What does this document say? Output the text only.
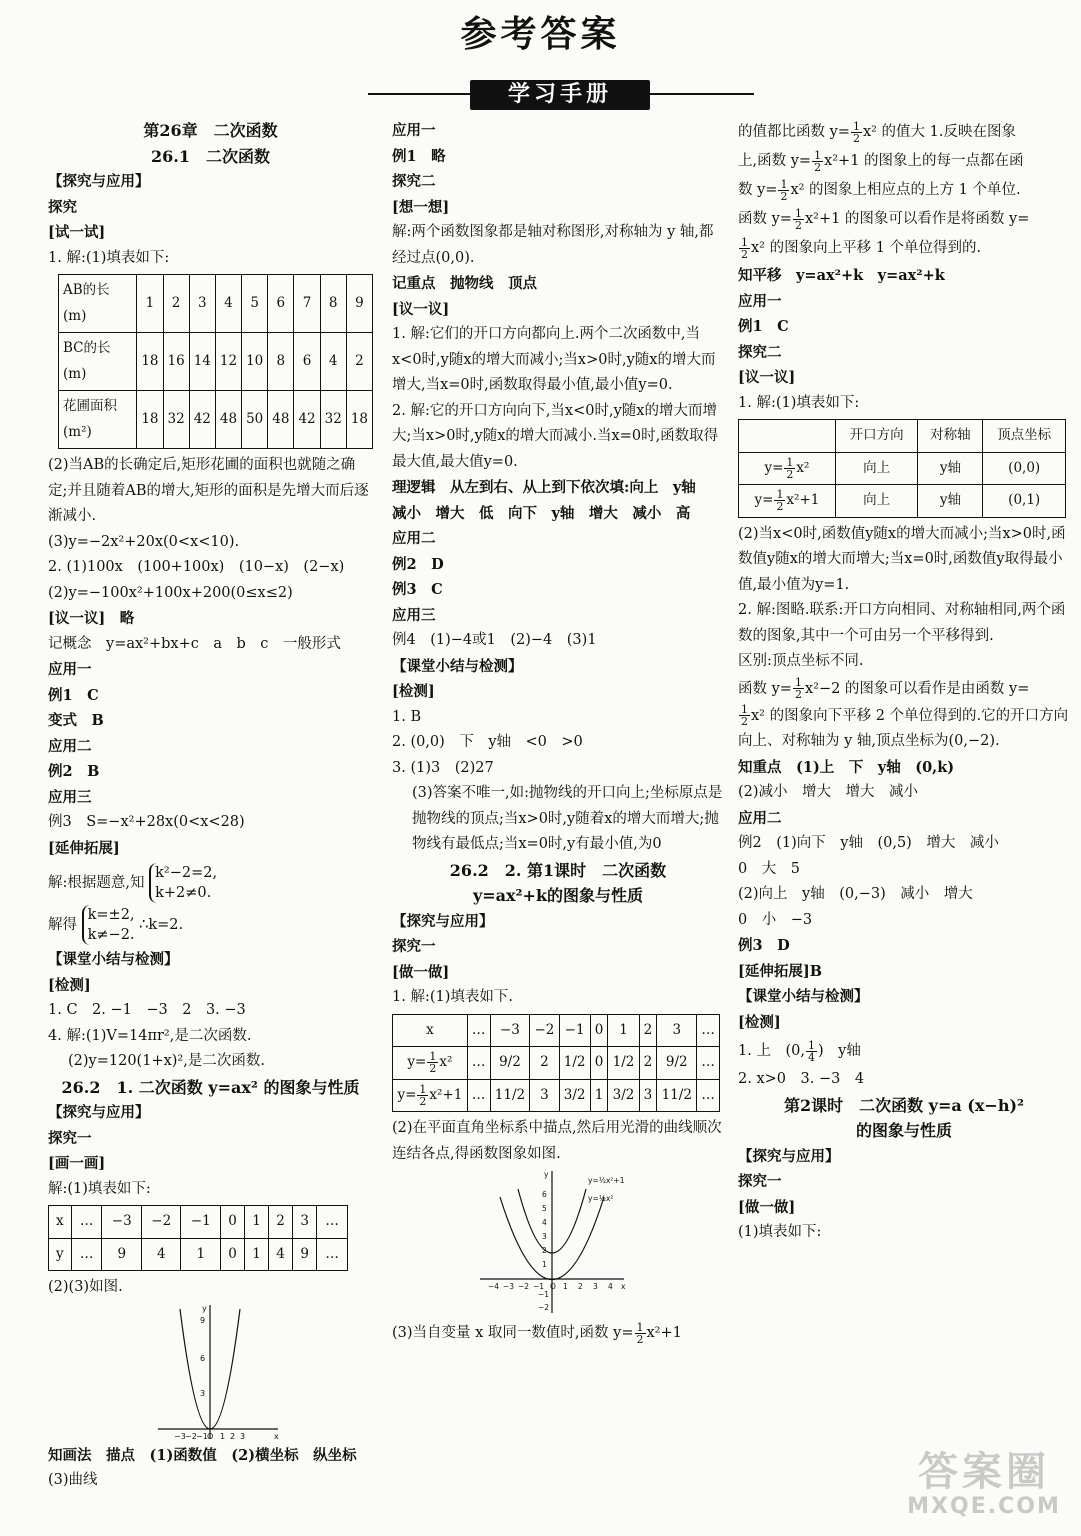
参考答案
学习手册
第26章　二次函数
26.1　二次函数
【探究与应用】
探究
[试一试]
1. 解:(1)填表如下:
AB的长(m)	1	2	3	4	5	6	7	8	9
BC的长(m)	18	16	14	12	10	8	6	4	2
花圃面积(m²)	18	32	42	48	50	48	42	32	18
(2)当AB的长确定后,矩形花圃的面积也就随之确定;并且随着AB的增大,矩形的面积是先增大而后逐渐减小.
(3)y=−2x²+20x(0<x<10).
2. (1)100x　(100+100x)　(10−x)　(2−x)
(2)y=−100x²+100x+200(0≤x≤2)
[议一议]　略
记概念　y=ax²+bx+c　a　b　c　一般形式
应用一
例1　C
变式　B
应用二
例2　B
应用三
例3　S=−x²+28x(0<x<28)
[延伸拓展]
解:根据题意,知 k²−2=2,
k+2≠0.
解得 k=±2,
k≠−2. ∴k=2.
【课堂小结与检测】
[检测]
1. C　2. −1　−3　2　3. −3
4. 解:(1)V=14πr²,是二次函数.
(2)y=120(1+x)²,是二次函数.
26.2　1. 二次函数 y=ax² 的图象与性质
【探究与应用】
探究一
[画一画]
解:(1)填表如下:
x	…	−3	−2	−1	0	1	2	3	…
y	…	9	4	1	0	1	4	9	…
(2)(3)如图.
y
x
9
6
3
−3 −2 −1 O 1 2 3
知画法　描点　(1)函数值　(2)横坐标　纵坐标
(3)曲线
应用一
例1　略
探究二
[想一想]
解:两个函数图象都是轴对称图形,对称轴为 y 轴,都经过点(0,0).
记重点　抛物线　顶点
[议一议]
1. 解:它们的开口方向都向上.两个二次函数中,当x<0时,y随x的增大而减小;当x>0时,y随x的增大而增大,当x=0时,函数取得最小值,最小值y=0.
2. 解:它的开口方向向下,当x<0时,y随x的增大而增大;当x>0时,y随x的增大而减小.当x=0时,函数取得最大值,最大值y=0.
理逻辑　从左到右、从上到下依次填:向上　y轴　减小　增大　低　向下　y轴　增大　减小　高
应用二
例2　D
例3　C
应用三
例4　(1)−4或1　(2)−4　(3)1
【课堂小结与检测】
[检测]
1. B
2. (0,0)　下　y轴　<0　>0
3. (1)3　(2)27
(3)答案不唯一,如:抛物线的开口向上;坐标原点是抛物线的顶点;当x>0时,y随着x的增大而增大;抛物线有最低点;当x=0时,y有最小值,为0
26.2　2. 第1课时　二次函数
y=ax²+k的图象与性质
【探究与应用】
探究一
[做一做]
1. 解:(1)填表如下.
x	…	−3	−2	−1	0	1	2	3	…
$y= \frac{1}{2} x^2$	…	9/2	2	1/2	0	1/2	2	9/2	…
$y= \frac{1}{2} x^2+1$	…	11/2	3	3/2	1	3/2	3	11/2	…
(2)在平面直角坐标系中描点,然后用光滑的曲线顺次连结各点,得函数图象如图.
y
x
y=½x²+1
y=½x²
6
5
4
3
2
1
−1
−2
−4 −3 −2 −1 O 1 2 3 4
(3)当自变量 x 取同一数值时,函数 $y= \frac{1}{2} x^2+1$
的值都比函数 $y= \frac{1}{2} x^2$ 的值大 1.反映在图象
上,函数 $y= \frac{1}{2} x^2+1$ 的图象上的每一点都在函
数 $y= \frac{1}{2} x^2$ 的图象上相应点的上方 1 个单位.
函数 $y= \frac{1}{2} x^2+1$ 的图象可以看作是将函数 y=
$\frac{1}{2} x^2$ 的图象向上平移 1 个单位得到的.
知平移　y=ax²+k　y=ax²+k
应用一
例1　C
探究二
[议一议]
1. 解:(1)填表如下:
	开口方向	对称轴	顶点坐标
$y= \frac{1}{2} x^2$	向上	y轴	(0,0)
$y= \frac{1}{2} x^2+1$	向上	y轴	(0,1)
(2)当x<0时,函数值y随x的增大而减小;当x>0时,函数值y随x的增大而增大;当x=0时,函数值y取得最小值,最小值为y=1.
2. 解:图略.联系:开口方向相同、对称轴相同,两个函数的图象,其中一个可由另一个平移得到.
区别:顶点坐标不同.
函数 $y= \frac{1}{2} x^2-2$ 的图象可以看作是由函数 y=
$\frac{1}{2} x^2$ 的图象向下平移 2 个单位得到的.它的开口方向向上、对称轴为 y 轴,顶点坐标为(0,−2).
知重点　(1)上　下　y轴　(0,k)
(2)减小　增大　增大　减小
应用二
例2　(1)向下　y轴　(0,5)　增大　减小
0　大　5
(2)向上　y轴　(0,−3)　减小　增大
0　小　−3
例3　D
[延伸拓展]B
【课堂小结与检测】
[检测]
1. 上　 (0, $\frac{1}{4}$ )　 y轴
2. x>0　3. −3　4
第2课时　二次函数 y=a (x−h)²
的图象与性质
【探究与应用】
探究一
[做一做]
(1)填表如下:
答案圈
MXQE.COM
